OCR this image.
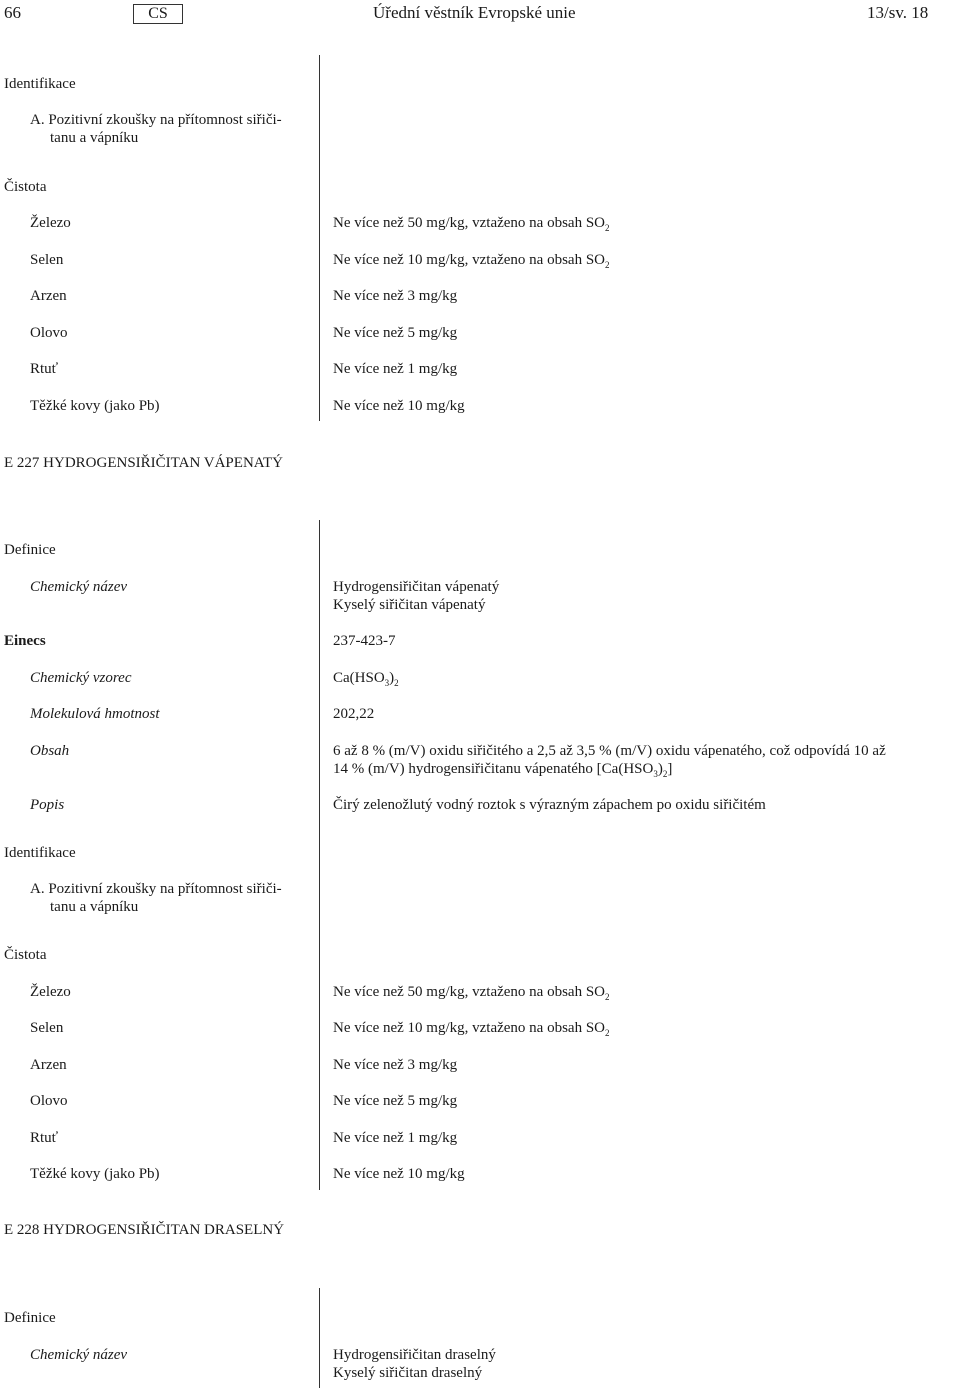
66	CS	Úřední věstník Evropské unie	13/sv. 18
Identifikace
A. Pozitivní zkoušky na přítomnost siřiči-
tanu a vápníku
Čistota
Železo	Ne více než 50 mg/kg, vztaženo na obsah $SO_2$
Selen	Ne více než 10 mg/kg, vztaženo na obsah $SO_2$
Arzen	Ne více než 3 mg/kg
Olovo	Ne více než 5 mg/kg
Rtuť	Ne více než 1 mg/kg
Těžké kovy (jako Pb)	Ne více než 10 mg/kg
E 227 HYDROGENSIŘIČITAN VÁPENATÝ
Definice
Chemický název	Hydrogensiřičitan vápenatý
Kyselý siřičitan vápenatý
Einecs	237-423-7
Chemický vzorec	$Ca(HSO_3)_2$
Molekulová hmotnost	202,22
Obsah	6 až 8 % (m/V) oxidu siřičitého a 2,5 až 3,5 % (m/V) oxidu vápenatého, což odpovídá 10 až
14 % (m/V) hydrogensiřičitanu vápenatého $[Ca(HSO_3)_2]$
Popis	Čirý zelenožlutý vodný roztok s výrazným zápachem po oxidu siřičitém
Identifikace
A. Pozitivní zkoušky na přítomnost siřiči-
tanu a vápníku
Čistota
Železo	Ne více než 50 mg/kg, vztaženo na obsah $SO_2$
Selen	Ne více než 10 mg/kg, vztaženo na obsah $SO_2$
Arzen	Ne více než 3 mg/kg
Olovo	Ne více než 5 mg/kg
Rtuť	Ne více než 1 mg/kg
Těžké kovy (jako Pb)	Ne více než 10 mg/kg
E 228 HYDROGENSIŘIČITAN DRASELNÝ
Definice
Chemický název	Hydrogensiřičitan draselný
Kyselý siřičitan draselný
